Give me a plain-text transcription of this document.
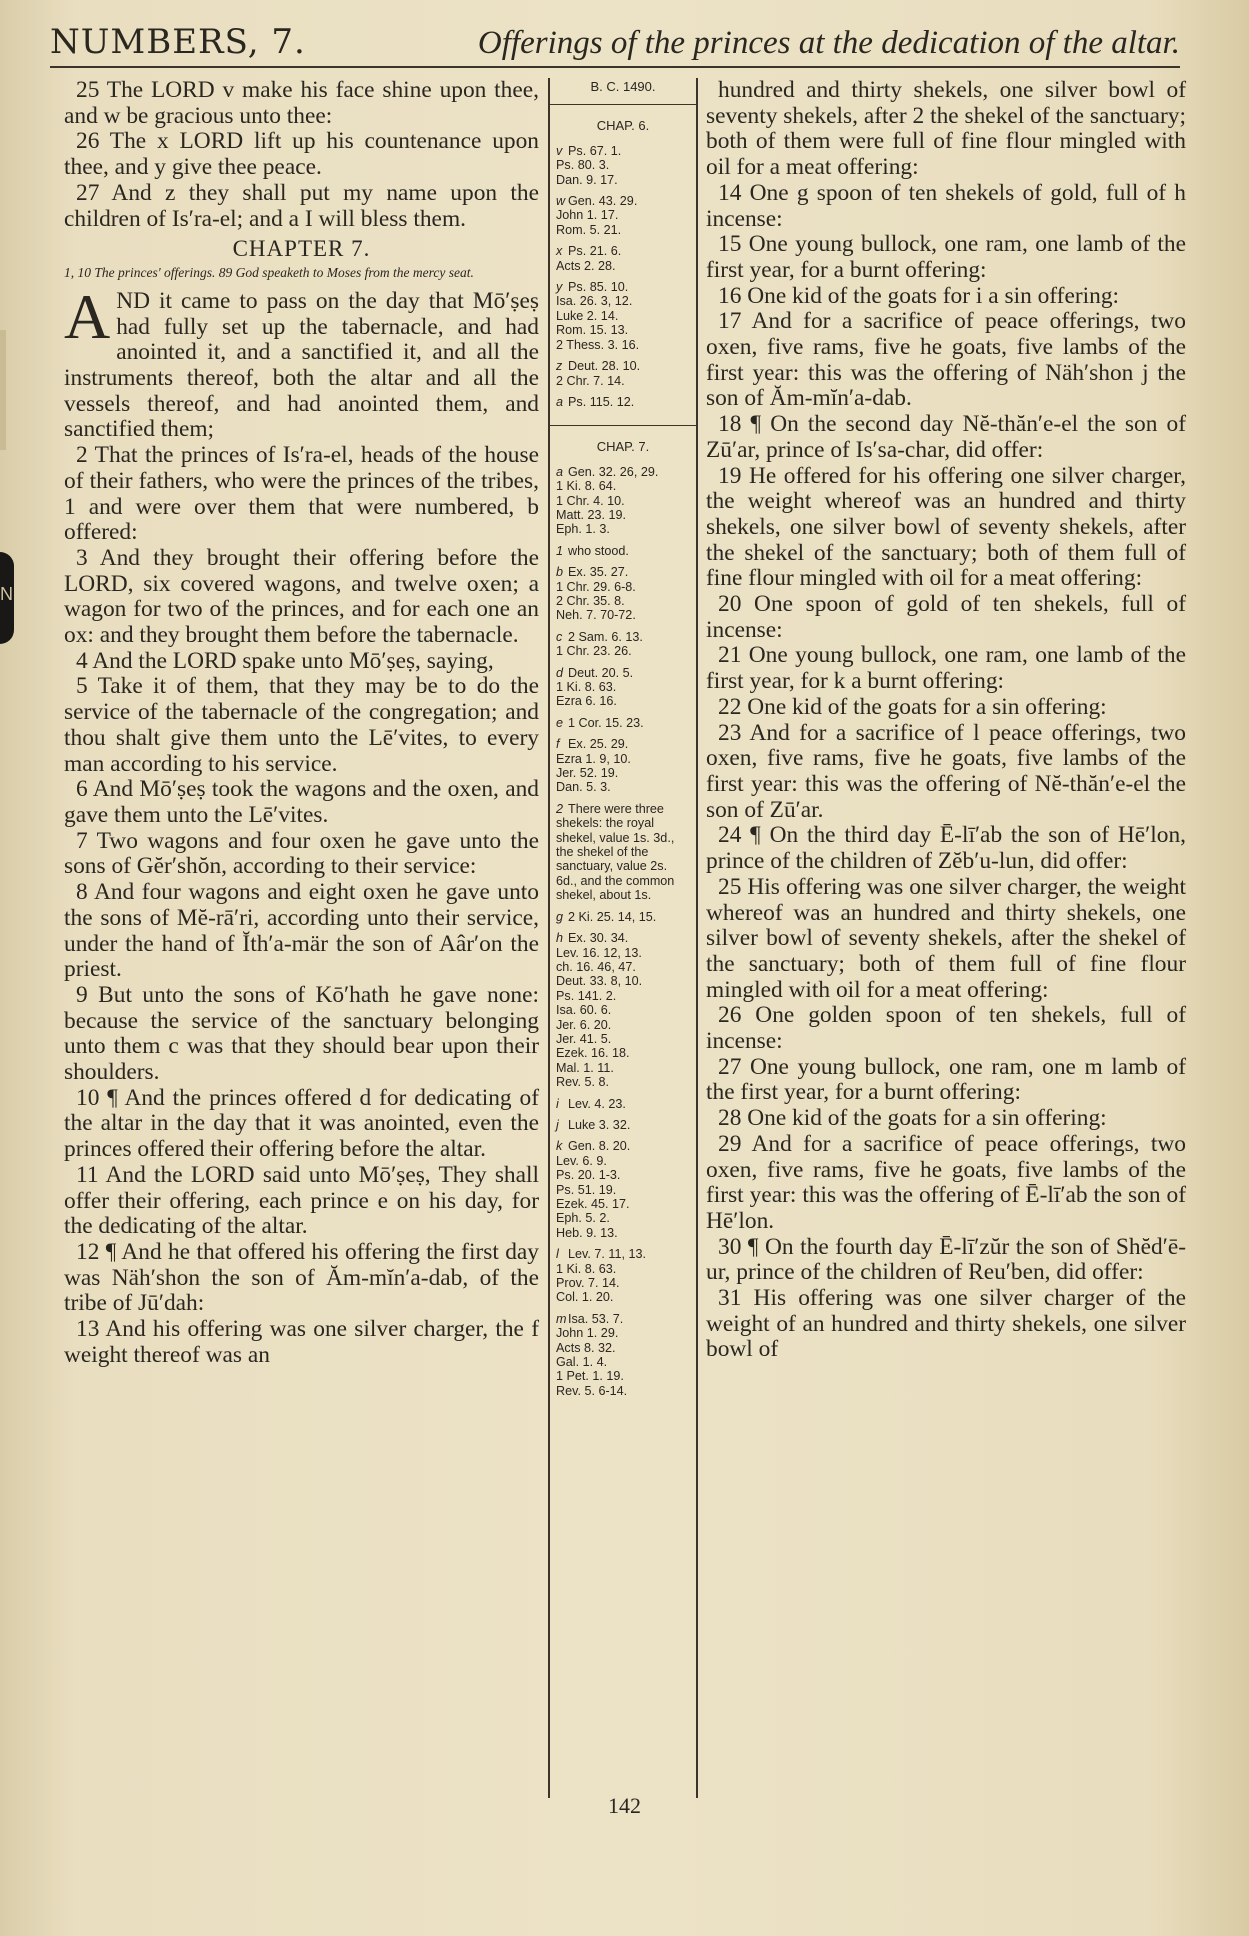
N
NUMBERS, 7.	Offerings of the princes at the dedication of the altar.

25 The LORD v make his face shine upon thee, and w be gracious unto thee:

26 The x LORD lift up his countenance upon thee, and y give thee peace.

27 And z they shall put my name upon the children of Is′ra-el; and a I will bless them.

CHAPTER 7.

1, 10 The princes' offerings. 89 God speaketh to Moses from the mercy seat.

AND it came to pass on the day that Mō′ṣeṣ had fully set up the tabernacle, and had anointed it, and a sanctified it, and all the instruments thereof, both the altar and all the vessels thereof, and had anointed them, and sanctified them;

2 That the princes of Is′ra-el, heads of the house of their fathers, who were the princes of the tribes, 1 and were over them that were numbered, b offered:

3 And they brought their offering before the LORD, six covered wagons, and twelve oxen; a wagon for two of the princes, and for each one an ox: and they brought them before the tabernacle.

4 And the LORD spake unto Mō′ṣeṣ, saying,

5 Take it of them, that they may be to do the service of the tabernacle of the congregation; and thou shalt give them unto the Lē′vites, to every man according to his service.

6 And Mō′ṣeṣ took the wagons and the oxen, and gave them unto the Lē′vites.

7 Two wagons and four oxen he gave unto the sons of Gĕr′shŏn, according to their service:

8 And four wagons and eight oxen he gave unto the sons of Mĕ-rā′ri, according unto their service, under the hand of Ĭth′a-mär the son of Aâr′on the priest.

9 But unto the sons of Kō′hath he gave none: because the service of the sanctuary belonging unto them c was that they should bear upon their shoulders.

10 ¶ And the princes offered d for dedicating of the altar in the day that it was anointed, even the princes offered their offering before the altar.

11 And the LORD said unto Mō′ṣeṣ, They shall offer their offering, each prince e on his day, for the dedicating of the altar.

12 ¶ And he that offered his offering the first day was Näh′shon the son of Ăm-mĭn′a-dab, of the tribe of Jū′dah:

13 And his offering was one silver charger, the f weight thereof was an

B. C. 1490.
CHAP. 6.
v Ps. 67. 1.
Ps. 80. 3.
Dan. 9. 17.
w Gen. 43. 29.
John 1. 17.
Rom. 5. 21.
x Ps. 21. 6.
Acts 2. 28.
y Ps. 85. 10.
Isa. 26. 3, 12.
Luke 2. 14.
Rom. 15. 13.
2 Thess. 3. 16.
z Deut. 28. 10.
2 Chr. 7. 14.
a Ps. 115. 12.
CHAP. 7.
a Gen. 32. 26, 29.
1 Ki. 8. 64.
1 Chr. 4. 10.
Matt. 23. 19.
Eph. 1. 3.
1 who stood.
b Ex. 35. 27.
1 Chr. 29. 6-8.
2 Chr. 35. 8.
Neh. 7. 70-72.
c 2 Sam. 6. 13.
1 Chr. 23. 26.
d Deut. 20. 5.
1 Ki. 8. 63.
Ezra 6. 16.
e 1 Cor. 15. 23.
f Ex. 25. 29.
Ezra 1. 9, 10.
Jer. 52. 19.
Dan. 5. 3.
2 There were three shekels: the royal shekel, value 1s. 3d., the shekel of the sanctuary, value 2s. 6d., and the common shekel, about 1s.
g 2 Ki. 25. 14, 15.
h Ex. 30. 34.
Lev. 16. 12, 13.
ch. 16. 46, 47.
Deut. 33. 8, 10.
Ps. 141. 2.
Isa. 60. 6.
Jer. 6. 20.
Jer. 41. 5.
Ezek. 16. 18.
Mal. 1. 11.
Rev. 5. 8.
i Lev. 4. 23.
j Luke 3. 32.
k Gen. 8. 20.
Lev. 6. 9.
Ps. 20. 1-3.
Ps. 51. 19.
Ezek. 45. 17.
Eph. 5. 2.
Heb. 9. 13.
l Lev. 7. 11, 13.
1 Ki. 8. 63.
Prov. 7. 14.
Col. 1. 20.
m Isa. 53. 7.
John 1. 29.
Acts 8. 32.
Gal. 1. 4.
1 Pet. 1. 19.
Rev. 5. 6-14.

hundred and thirty shekels, one silver bowl of seventy shekels, after 2 the shekel of the sanctuary; both of them were full of fine flour mingled with oil for a meat offering:

14 One g spoon of ten shekels of gold, full of h incense:

15 One young bullock, one ram, one lamb of the first year, for a burnt offering:

16 One kid of the goats for i a sin offering:

17 And for a sacrifice of peace offerings, two oxen, five rams, five he goats, five lambs of the first year: this was the offering of Näh′shon j the son of Ăm-mĭn′a-dab.

18 ¶ On the second day Nĕ-thăn′e-el the son of Zū′ar, prince of Is′sa-char, did offer:

19 He offered for his offering one silver charger, the weight whereof was an hundred and thirty shekels, one silver bowl of seventy shekels, after the shekel of the sanctuary; both of them full of fine flour mingled with oil for a meat offering:

20 One spoon of gold of ten shekels, full of incense:

21 One young bullock, one ram, one lamb of the first year, for k a burnt offering:

22 One kid of the goats for a sin offering:

23 And for a sacrifice of l peace offerings, two oxen, five rams, five he goats, five lambs of the first year: this was the offering of Nĕ-thăn′e-el the son of Zū′ar.

24 ¶ On the third day Ē-lī′ab the son of Hē′lon, prince of the children of Zĕb′u-lun, did offer:

25 His offering was one silver charger, the weight whereof was an hundred and thirty shekels, one silver bowl of seventy shekels, after the shekel of the sanctuary; both of them full of fine flour mingled with oil for a meat offering:

26 One golden spoon of ten shekels, full of incense:

27 One young bullock, one ram, one m lamb of the first year, for a burnt offering:

28 One kid of the goats for a sin offering:

29 And for a sacrifice of peace offerings, two oxen, five rams, five he goats, five lambs of the first year: this was the offering of Ē-lī′ab the son of Hē′lon.

30 ¶ On the fourth day Ē-lī′zŭr the son of Shĕd′ē-ur, prince of the children of Reu′ben, did offer:

31 His offering was one silver charger of the weight of an hundred and thirty shekels, one silver bowl of

142
